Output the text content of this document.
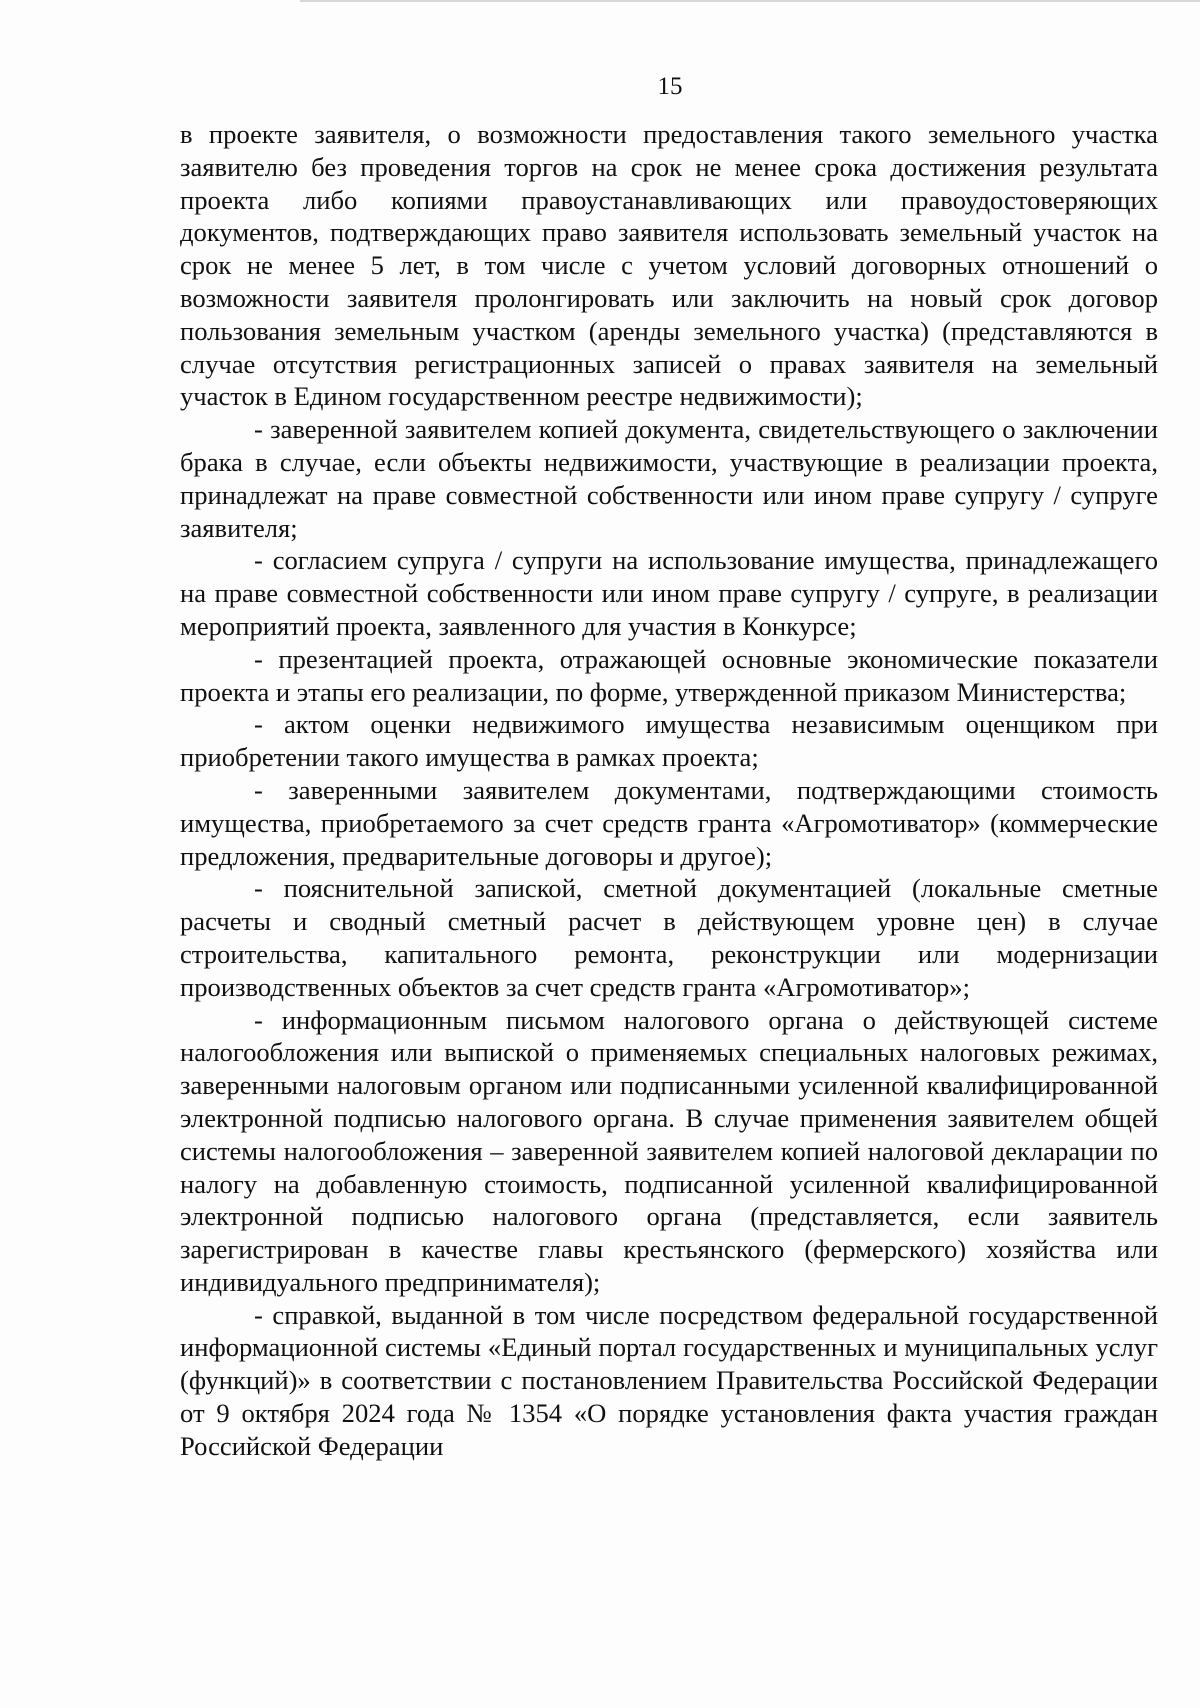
15

в проекте заявителя, о возможности предоставления такого земельного участка заявителю без проведения торгов на срок не менее срока достижения результата проекта либо копиями правоустанавливающих или правоудостоверяющих документов, подтверждающих право заявителя использовать земельный участок на срок не менее 5 лет, в том числе с учетом условий договорных отношений о возможности заявителя пролонгировать или заключить на новый срок договор пользования земельным участком (аренды земельного участка) (представляются в случае отсутствия регистрационных записей о правах заявителя на земельный участок в Едином государственном реестре недвижимости);

- заверенной заявителем копией документа, свидетельствующего о заключении брака в случае, если объекты недвижимости, участвующие в реализации проекта, принадлежат на праве совместной собственности или ином праве супругу / супруге заявителя;

- согласием супруга / супруги на использование имущества, принадлежащего на праве совместной собственности или ином праве супругу / супруге, в реализации мероприятий проекта, заявленного для участия в Конкурсе;

- презентацией проекта, отражающей основные экономические показатели проекта и этапы его реализации, по форме, утвержденной приказом Министерства;

- актом оценки недвижимого имущества независимым оценщиком при приобретении такого имущества в рамках проекта;

- заверенными заявителем документами, подтверждающими стоимость имущества, приобретаемого за счет средств гранта «Агромотиватор» (коммерческие предложения, предварительные договоры и другое);

- пояснительной запиской, сметной документацией (локальные сметные расчеты и сводный сметный расчет в действующем уровне цен) в случае строительства, капитального ремонта, реконструкции или модернизации производственных объектов за счет средств гранта «Агромотиватор»;

- информационным письмом налогового органа о действующей системе налогообложения или выпиской о применяемых специальных налоговых режимах, заверенными налоговым органом или подписанными усиленной квалифицированной электронной подписью налогового органа. В случае применения заявителем общей системы налогообложения – заверенной заявителем копией налоговой декларации по налогу на добавленную стоимость, подписанной усиленной квалифицированной электронной подписью налогового органа (представляется, если заявитель зарегистрирован в качестве главы крестьянского (фермерского) хозяйства или индивидуального предпринимателя);

- справкой, выданной в том числе посредством федеральной государственной информационной системы «Единый портал государственных и муниципальных услуг (функций)» в соответствии с постановлением Правительства Российской Федерации от 9 октября 2024 года № 1354 «О порядке установления факта участия граждан Российской Федерации
